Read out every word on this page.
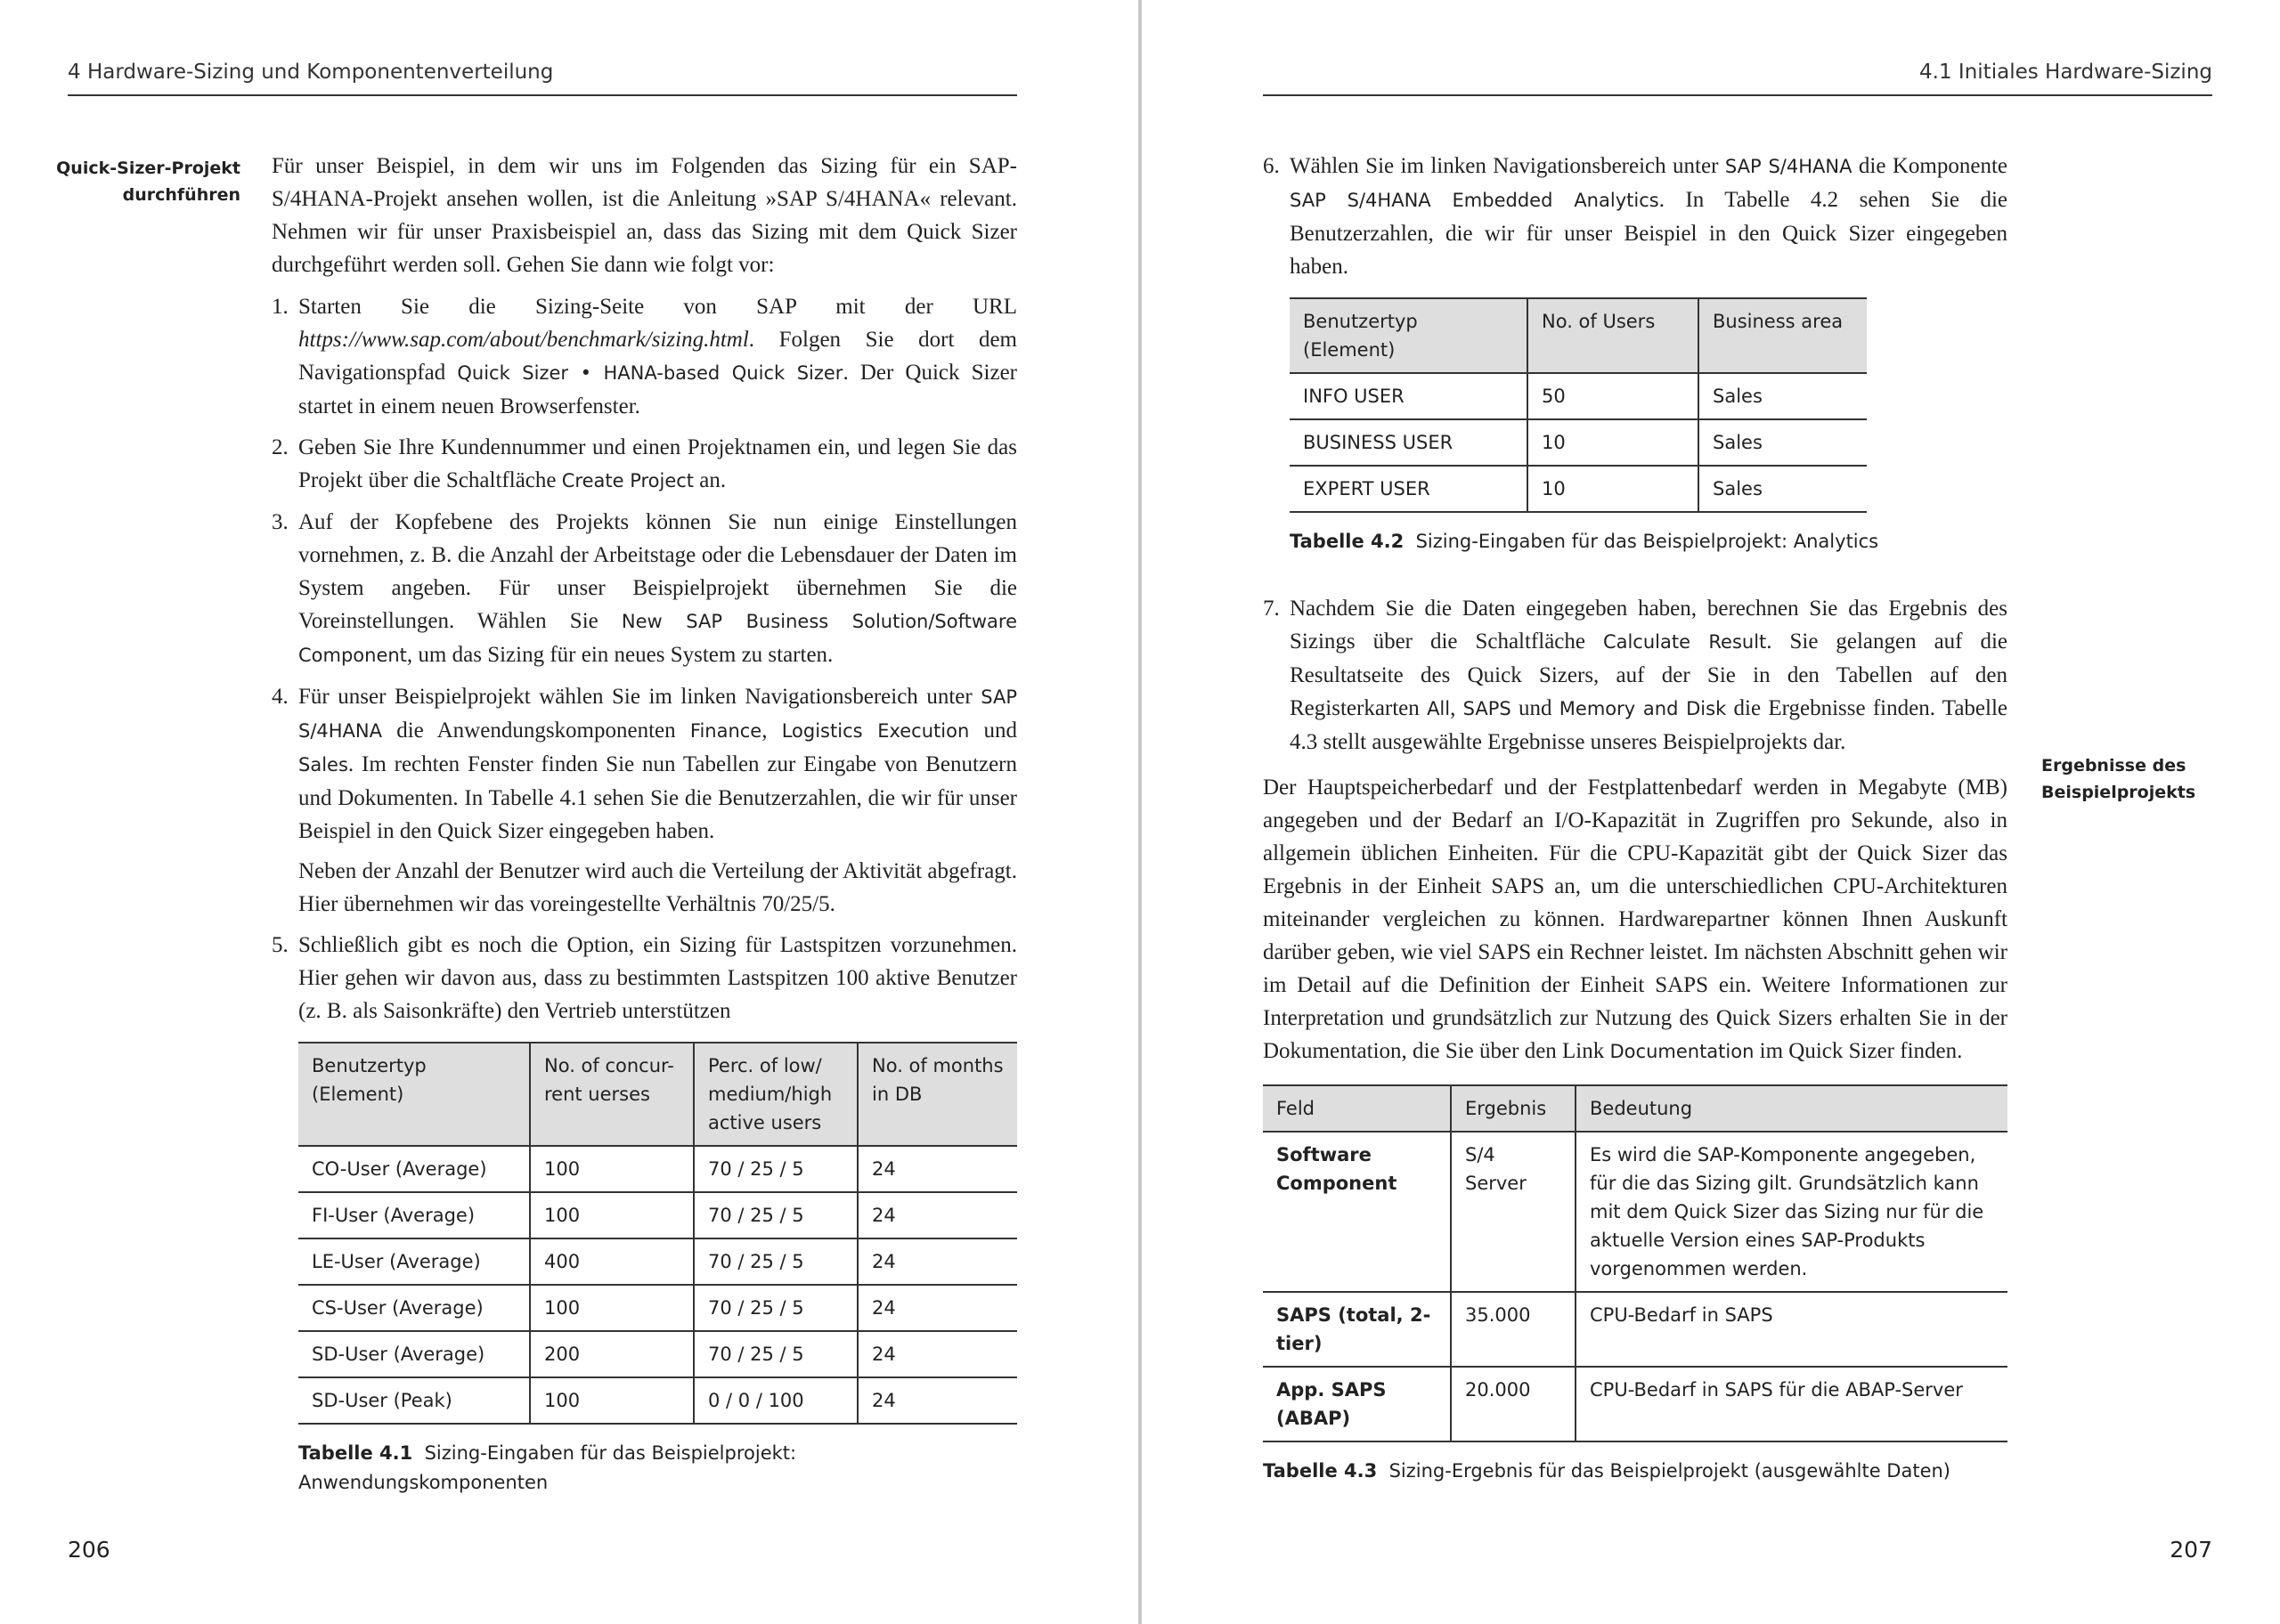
4 Hardware-Sizing und Komponentenverteilung
Quick-Sizer-Projekt durchführen

Für unser Beispiel, in dem wir uns im Folgenden das Sizing für ein SAP-S/4HANA-Projekt ansehen wollen, ist die Anleitung »SAP S/4HANA« relevant. Nehmen wir für unser Praxisbeispiel an, dass das Sizing mit dem Quick Sizer durchgeführt werden soll. Gehen Sie dann wie folgt vor:

1. Starten Sie die Sizing-Seite von SAP mit der URL https://www.sap.com/about/benchmark/sizing.html. Folgen Sie dort dem Navigationspfad Quick Sizer • HANA-based Quick Sizer. Der Quick Sizer startet in einem neuen Browserfenster.
2. Geben Sie Ihre Kundennummer und einen Projektnamen ein, und legen Sie das Projekt über die Schaltfläche Create Project an.
3. Auf der Kopfebene des Projekts können Sie nun einige Einstellungen vornehmen, z. B. die Anzahl der Arbeitstage oder die Lebensdauer der Daten im System angeben. Für unser Beispielprojekt übernehmen Sie die Voreinstellungen. Wählen Sie New SAP Business Solution/Software Component, um das Sizing für ein neues System zu starten.
4. Für unser Beispielprojekt wählen Sie im linken Navigationsbereich unter SAP S/4HANA die Anwendungskomponenten Finance, Logistics Execution und Sales. Im rechten Fenster finden Sie nun Tabellen zur Eingabe von Benutzern und Dokumenten. In Tabelle 4.1 sehen Sie die Benutzerzahlen, die wir für unser Beispiel in den Quick Sizer eingegeben haben.
Neben der Anzahl der Benutzer wird auch die Verteilung der Aktivität abgefragt. Hier übernehmen wir das voreingestellte Verhältnis 70/25/5.
5. Schließlich gibt es noch die Option, ein Sizing für Lastspitzen vorzunehmen. Hier gehen wir davon aus, dass zu bestimmten Lastspitzen 100 aktive Benutzer (z. B. als Saisonkräfte) den Vertrieb unterstützen
Benutzertyp (Element)	No. of concur-rent uerses	Perc. of low/ medium/high active users	No. of months in DB
CO-User (Average)	100	70 / 25 / 5	24
FI-User (Average)	100	70 / 25 / 5	24
LE-User (Average)	400	70 / 25 / 5	24
CS-User (Average)	100	70 / 25 / 5	24
SD-User (Average)	200	70 / 25 / 5	24
SD-User (Peak)	100	0 / 0 / 100	24
Tabelle 4.1 Sizing-Eingaben für das Beispielprojekt: Anwendungskomponenten
206
4.1 Initiales Hardware-Sizing
6. Wählen Sie im linken Navigationsbereich unter SAP S/4HANA die Komponente SAP S/4HANA Embedded Analytics. In Tabelle 4.2 sehen Sie die Benutzerzahlen, die wir für unser Beispiel in den Quick Sizer eingegeben haben.
Benutzertyp (Element)	No. of Users	Business area
INFO USER	50	Sales
BUSINESS USER	10	Sales
EXPERT USER	10	Sales
Tabelle 4.2 Sizing-Eingaben für das Beispielprojekt: Analytics
7. Nachdem Sie die Daten eingegeben haben, berechnen Sie das Ergebnis des Sizings über die Schaltfläche Calculate Result. Sie gelangen auf die Resultatseite des Quick Sizers, auf der Sie in den Tabellen auf den Registerkarten All, SAPS und Memory and Disk die Ergebnisse finden. Tabelle 4.3 stellt ausgewählte Ergebnisse unseres Beispielprojekts dar.

Der Hauptspeicherbedarf und der Festplattenbedarf werden in Megabyte (MB) angegeben und der Bedarf an I/O-Kapazität in Zugriffen pro Sekunde, also in allgemein üblichen Einheiten. Für die CPU-Kapazität gibt der Quick Sizer das Ergebnis in der Einheit SAPS an, um die unterschiedlichen CPU-Architekturen miteinander vergleichen zu können. Hardwarepartner können Ihnen Auskunft darüber geben, wie viel SAPS ein Rechner leistet. Im nächsten Abschnitt gehen wir im Detail auf die Definition der Einheit SAPS ein. Weitere Informationen zur Interpretation und grundsätzlich zur Nutzung des Quick Sizers erhalten Sie in der Dokumentation, die Sie über den Link Documentation im Quick Sizer finden.

Feld	Ergebnis	Bedeutung
Software Component	S/4 Server	Es wird die SAP-Komponente angegeben, für die das Sizing gilt. Grundsätzlich kann mit dem Quick Sizer das Sizing nur für die aktuelle Version eines SAP-Produkts vorgenommen werden.
SAPS (total, 2-tier)	35.000	CPU-Bedarf in SAPS
App. SAPS (ABAP)	20.000	CPU-Bedarf in SAPS für die ABAP-Server
Tabelle 4.3 Sizing-Ergebnis für das Beispielprojekt (ausgewählte Daten)
Ergebnisse des Beispielprojekts
207
